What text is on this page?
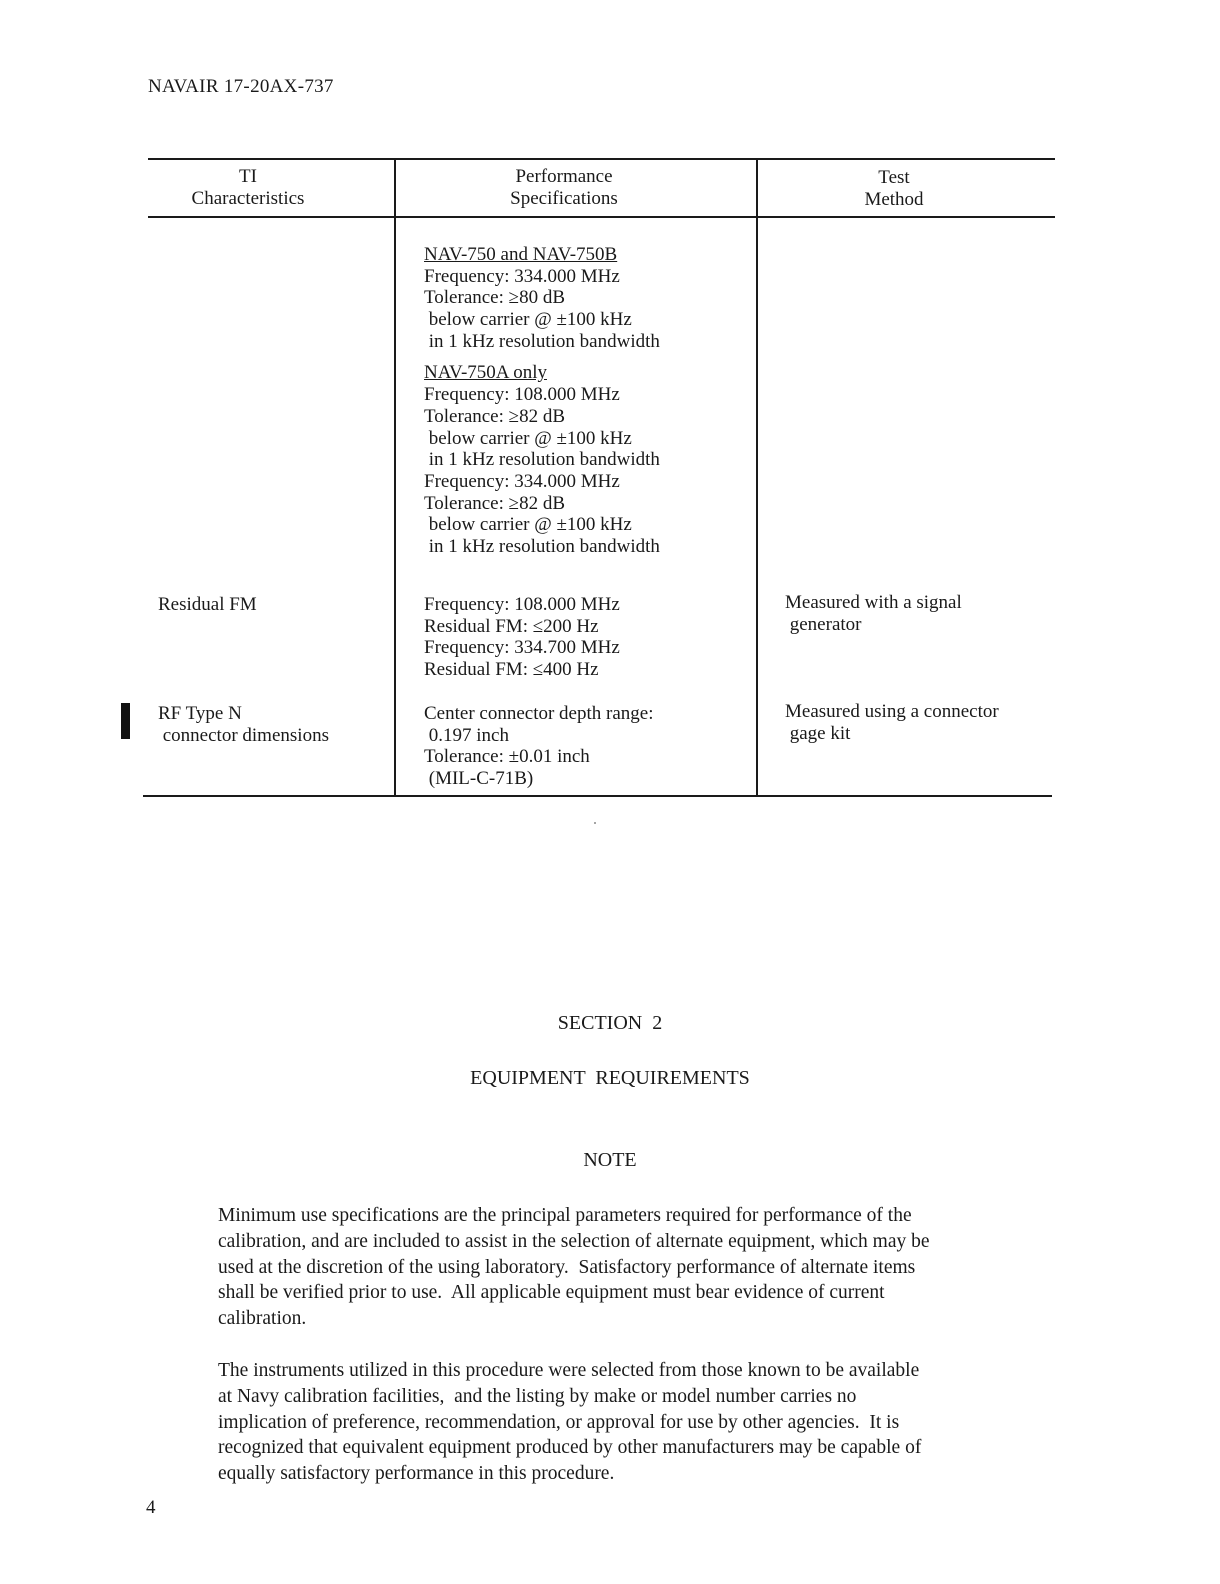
NAVAIR 17-20AX-737
TI
Characteristics
Performance
Specifications
Test
Method
NAV-750 and NAV-750B
Frequency: 334.000 MHz
Tolerance: ≥80 dB
below carrier @ ±100 kHz
in 1 kHz resolution bandwidth
NAV-750A only
Frequency: 108.000 MHz
Tolerance: ≥82 dB
below carrier @ ±100 kHz
in 1 kHz resolution bandwidth
Frequency: 334.000 MHz
Tolerance: ≥82 dB
below carrier @ ±100 kHz
in 1 kHz resolution bandwidth
Residual FM	Frequency: 108.000 MHz
Residual FM: ≤200 Hz
Frequency: 334.700 MHz
Residual FM: ≤400 Hz
Measured with a signal
generator
RF Type N
connector dimensions
Center connector depth range:
0.197 inch
Tolerance: ±0.01 inch
(MIL-C-71B)
Measured using a connector
gage kit
SECTION  2
EQUIPMENT  REQUIREMENTS
NOTE
Minimum use specifications are the principal parameters required for performance of the
calibration, and are included to assist in the selection of alternate equipment, which may be
used at the discretion of the using laboratory.  Satisfactory performance of alternate items
shall be verified prior to use.  All applicable equipment must bear evidence of current
calibration.
The instruments utilized in this procedure were selected from those known to be available
at Navy calibration facilities,  and the listing by make or model number carries no
implication of preference, recommendation, or approval for use by other agencies.  It is
recognized that equivalent equipment produced by other manufacturers may be capable of
equally satisfactory performance in this procedure.
4
